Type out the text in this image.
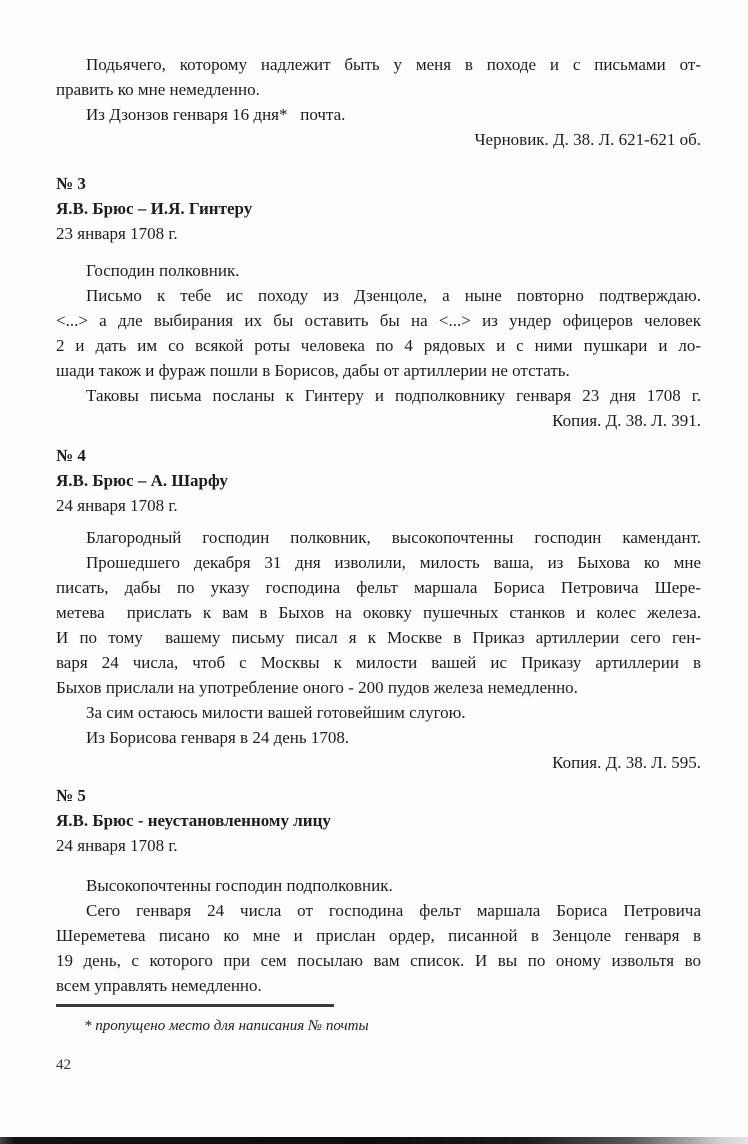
Подьячего, которому надлежит быть у меня в походе и с письмами от-
править ко мне немедленно.
Из Дзонзов генваря 16 дня*   почта.
Черновик. Д. 38. Л. 621-621 об.
№ 3
Я.В. Брюс – И.Я. Гинтеру
23 января 1708 г.
Господин полковник.
Письмо к тебе ис походу из Дзенцоле, а ныне повторно подтверждаю.
<...> а дле выбирания их бы оставить бы на <...> из ундер офицеров человек
2 и дать им со всякой роты человека по 4 рядовых и с ними пушкари и ло-
шади також и фураж пошли в Борисов, дабы от артиллерии не отстать.
Таковы письма посланы к Гинтеру и подполковнику генваря 23 дня 1708 г.
Копия. Д. 38. Л. 391.
№ 4
Я.В. Брюс – А. Шарфу
24 января 1708 г.
Благородный господин полковник, высокопочтенны господин камендант.
Прошедшего декабря 31 дня изволили, милость ваша, из Быхова ко мне
писать, дабы по указу господина фельт маршала Бориса Петровича Шере-
метева  прислать к вам в Быхов на оковку пушечных станков и колес железа.
И по тому  вашему письму писал я к Москве в Приказ артиллерии сего ген-
варя 24 числа, чтоб с Москвы к милости вашей ис Приказу артиллерии в
Быхов прислали на употребление оного - 200 пудов железа немедленно.
За сим остаюсь милости вашей готовейшим слугою.
Из Борисова генваря в 24 день 1708.
Копия. Д. 38. Л. 595.
№ 5
Я.В. Брюс - неустановленному лицу
24 января 1708 г.
Высокопочтенны господин подполковник.
Сего генваря 24 числа от господина фельт маршала Бориса Петровича
Шереметева писано ко мне и прислан ордер, писанной в Зенцоле генваря в
19 день, с которого при сем посылаю вам список. И вы по оному извольтя во
всем управлять немедленно.
* пропущено место для написания № почты
42
